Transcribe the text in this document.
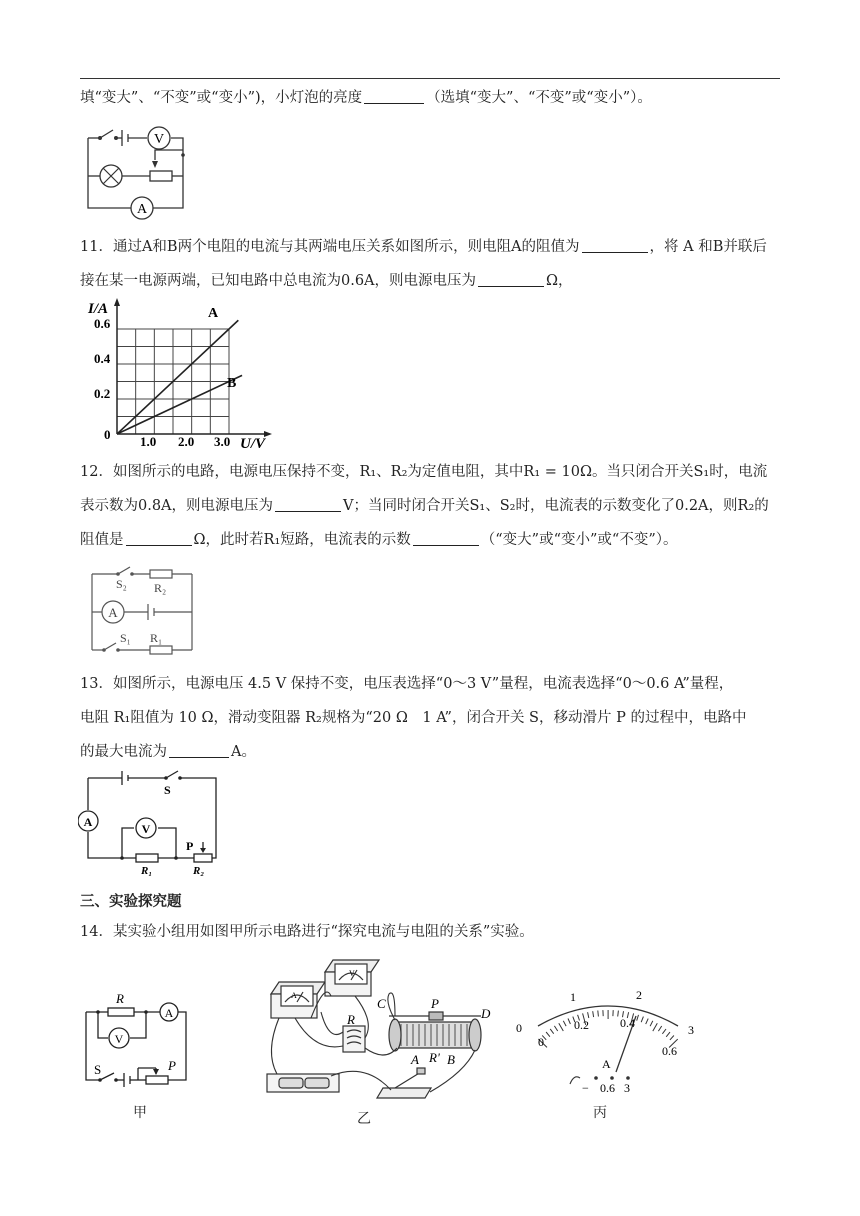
填“变大”、“不变”或“变小”)，小灯泡的亮度	（选填“变大”、“不变”或“变小”）。
V
A
11．通过A和B两个电阻的电流与其两端电压关系如图所示，则电阻A的阻值为	，将 A 和B并联后
接在某一电源两端，已知电路中总电流为0.6A，则电源电压为	Ω，
I/A
U/V
0
0.2
0.4
0.6
1.0 2.0 3.0
A
B
12．如图所示的电路，电源电压保持不变，R₁、R₂为定值电阻，其中R₁ = 10Ω。当只闭合开关S₁时，电流
表示数为0.8A，则电源电压为	V；当同时闭合开关S₁、S₂时，电流表的示数变化了0.2A，则R₂的
阻值是	Ω，此时若R₁短路，电流表的示数	（“变大”或“变小”或“不变”）。
A
S₂ R₂
S₁ R₁
13．如图所示，电源电压 4.5 V 保持不变，电压表选择“0～3 V”量程，电流表选择“0～0.6 A”量程，
电阻 R₁阻值为 10 Ω，滑动变阻器 R₂规格为“20 Ω　1 A”，闭合开关 S，移动滑片 P 的过程中，电路中
的最大电流为	A。
A	V
S
P
R₁	R₂
三、实验探究题
14．某实验小组用如图甲所示电路进行“探究电流与电阻的关系”实验。
A
V
R
S	P
甲
C	P
D
R
A R' B
A
V
乙
0
1	2
3
0
0.2	0.4
0.6
A
− 0.6 3
丙
